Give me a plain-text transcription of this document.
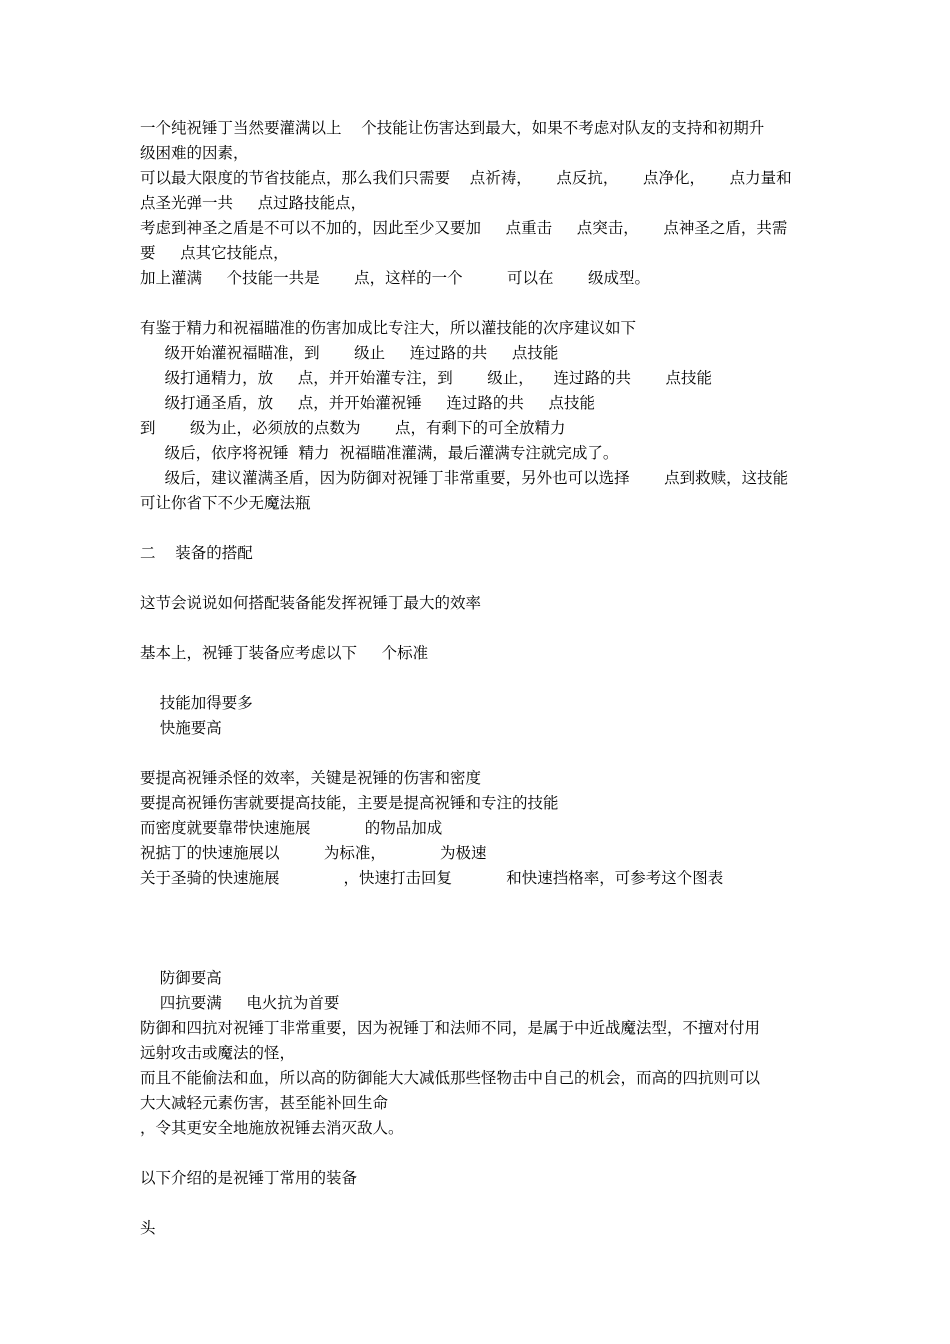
一个纯祝锤丁当然要灌满以上    个技能让伤害达到最大，如果不考虑对队友的支持和初期升
级困难的因素，
可以最大限度的节省技能点，那么我们只需要    点祈祷，     点反抗，     点净化，     点力量和
点圣光弹一共     点过路技能点，
考虑到神圣之盾是不可以不加的，因此至少又要加     点重击     点突击，     点神圣之盾，共需
要     点其它技能点，
加上灌满     个技能一共是       点，这样的一个         可以在       级成型。
有鉴于精力和祝福瞄准的伤害加成比专注大，所以灌技能的次序建议如下
级开始灌祝福瞄准，到       级止     连过路的共     点技能
级打通精力，放     点，并开始灌专注，到       级止，    连过路的共       点技能
级打通圣盾，放     点，并开始灌祝锤     连过路的共     点技能
到       级为止，必须放的点数为       点，有剩下的可全放精力
级后，依序将祝锤  精力  祝福瞄准灌满，最后灌满专注就完成了。
级后，建议灌满圣盾，因为防御对祝锤丁非常重要，另外也可以选择       点到救赎，这技能
可让你省下不少无魔法瓶
二    装备的搭配
这节会说说如何搭配装备能发挥祝锤丁最大的效率
基本上，祝锤丁装备应考虑以下     个标准
技能加得要多
快施要高
要提高祝锤杀怪的效率，关键是祝锤的伤害和密度
要提高祝锤伤害就要提高技能，主要是提高祝锤和专注的技能
而密度就要靠带快速施展           的物品加成
祝掂丁的快速施展以         为标准，           为极速
关于圣骑的快速施展             ，快速打击回复           和快速挡格率，可参考这个图表
防御要高
四抗要满     电火抗为首要
防御和四抗对祝锤丁非常重要，因为祝锤丁和法师不同，是属于中近战魔法型，不擅对付用
远射攻击或魔法的怪，
而且不能偷法和血，所以高的防御能大大减低那些怪物击中自己的机会，而高的四抗则可以
大大减轻元素伤害，甚至能补回生命
，令其更安全地施放祝锤去消灭敌人。
以下介绍的是祝锤丁常用的装备
头
